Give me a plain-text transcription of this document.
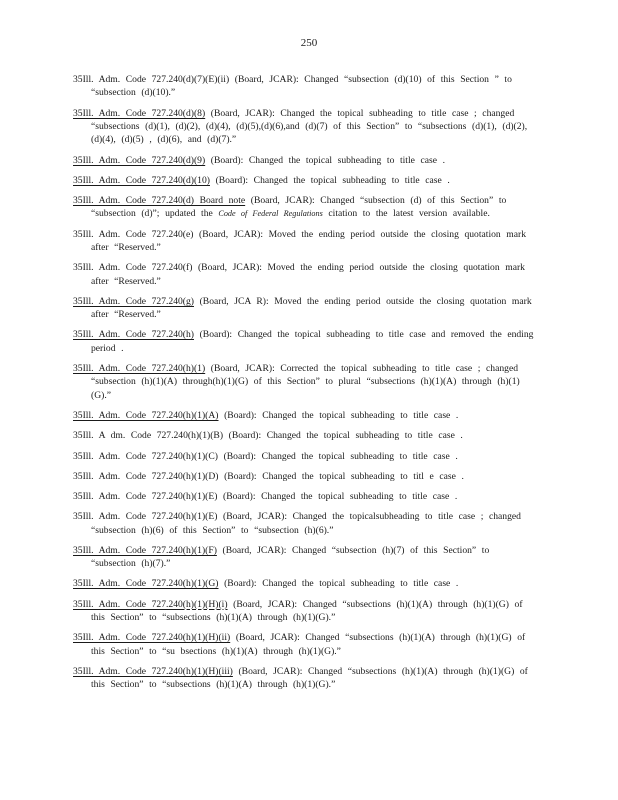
250

35Ill. Adm. Code 727.240(d)(7)(E)(ii) (Board, JCAR): Changed “subsection (d)(10) of this Section ” to “subsection (d)(10).”

35Ill. Adm. Code 727.240(d)(8) (Board, JCAR): Changed the topical subheading to title case ; changed “subsections (d)(1), (d)(2), (d)(4), (d)(5),(d)(6),and (d)(7) of this Section” to “subsections (d)(1), (d)(2), (d)(4), (d)(5) , (d)(6), and (d)(7).”

35Ill. Adm. Code 727.240(d)(9) (Board): Changed the topical subheading to title case .

35Ill. Adm. Code 727.240(d)(10) (Board): Changed the topical subheading to title case .

35Ill. Adm. Code 727.240(d) Board note (Board, JCAR): Changed “subsection (d) of this Section” to “subsection (d)”; updated the Code of Federal Regulations citation to the latest version available.

35Ill. Adm. Code 727.240(e) (Board, JCAR): Moved the ending period outside the closing quotation mark after “Reserved.”

35Ill. Adm. Code 727.240(f) (Board, JCAR): Moved the ending period outside the closing quotation mark after “Reserved.”

35Ill. Adm. Code 727.240(g) (Board, JCA R): Moved the ending period outside the closing quotation mark after “Reserved.”

35Ill. Adm. Code 727.240(h) (Board): Changed the topical subheading to title case and removed the ending period .

35Ill. Adm. Code 727.240(h)(1) (Board, JCAR): Corrected the topical subheading to title case ; changed “subsection (h)(1)(A) through(h)(1)(G) of this Section” to plural “subsections (h)(1)(A) through (h)(1)(G).”

35Ill. Adm. Code 727.240(h)(1)(A) (Board): Changed the topical subheading to title case .

35Ill. A dm. Code 727.240(h)(1)(B) (Board): Changed the topical subheading to title case .

35Ill. Adm. Code 727.240(h)(1)(C) (Board): Changed the topical subheading to title case .

35Ill. Adm. Code 727.240(h)(1)(D) (Board): Changed the topical subheading to titl e case .

35Ill. Adm. Code 727.240(h)(1)(E) (Board): Changed the topical subheading to title case .

35Ill. Adm. Code 727.240(h)(1)(E) (Board, JCAR): Changed the topicalsubheading to title case ; changed “subsection (h)(6) of this Section” to “subsection (h)(6).”

35Ill. Adm. Code 727.240(h)(1)(F) (Board, JCAR): Changed “subsection (h)(7) of this Section” to “subsection (h)(7).”

35Ill. Adm. Code 727.240(h)(1)(G) (Board): Changed the topical subheading to title case .

35Ill. Adm. Code 727.240(h)(1)(H)(i) (Board, JCAR): Changed “subsections (h)(1)(A) through (h)(1)(G) of this Section” to “subsections (h)(1)(A) through (h)(1)(G).”

35Ill. Adm. Code 727.240(h)(1)(H)(ii) (Board, JCAR): Changed “subsections (h)(1)(A) through (h)(1)(G) of this Section” to “su bsections (h)(1)(A) through (h)(1)(G).”

35Ill. Adm. Code 727.240(h)(1)(H)(iii) (Board, JCAR): Changed “subsections (h)(1)(A) through (h)(1)(G) of this Section” to “subsections (h)(1)(A) through (h)(1)(G).”
